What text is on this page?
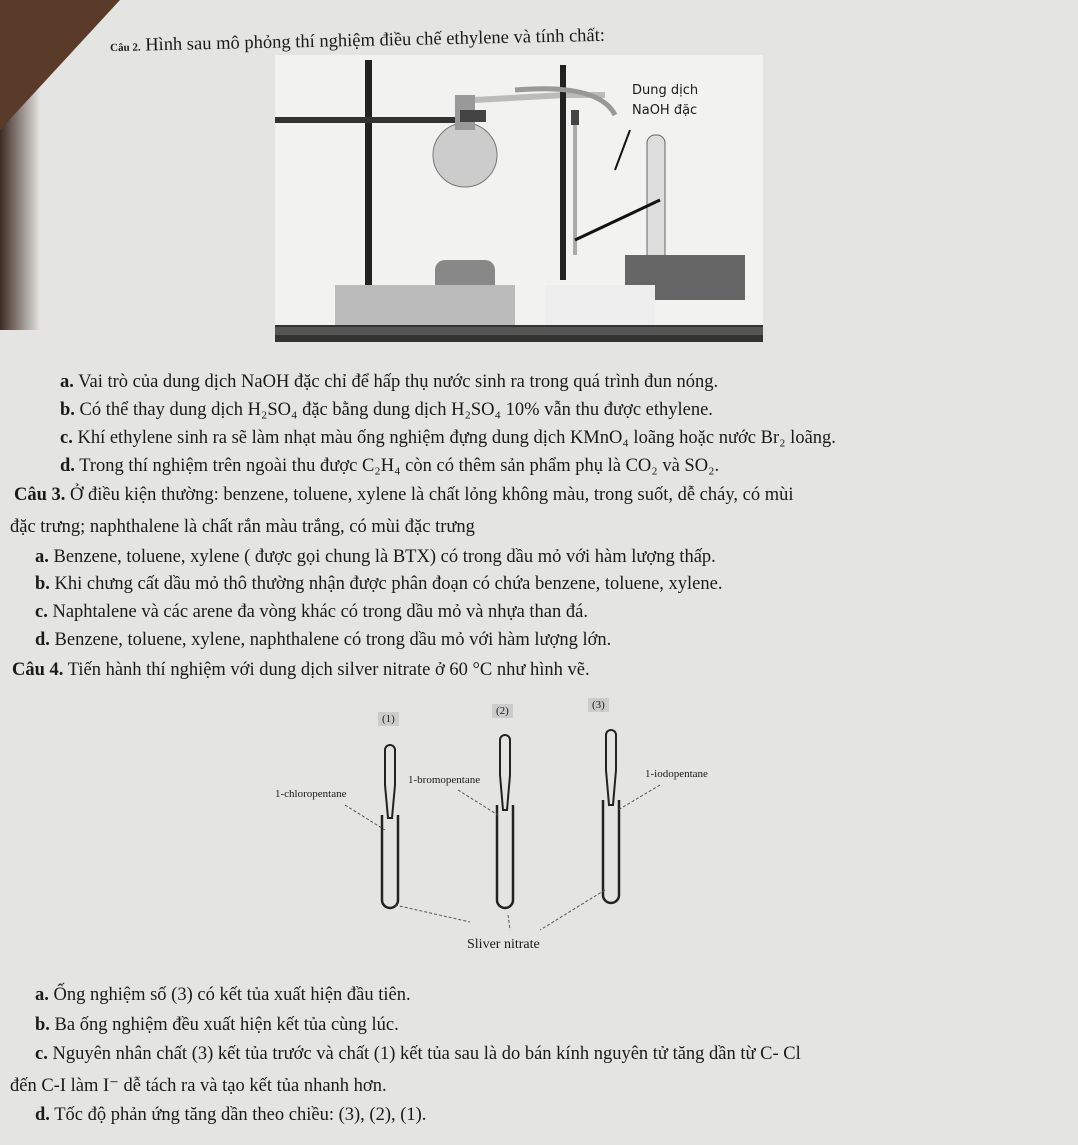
Câu 2. Hình sau mô phỏng thí nghiệm điều chế ethylene và tính chất:
Dung dịch
NaOH đặc
a. Vai trò của dung dịch NaOH đặc chỉ để hấp thụ nước sinh ra trong quá trình đun nóng.
b. Có thể thay dung dịch H₂SO₄ đặc bằng dung dịch H₂SO₄ 10% vẫn thu được ethylene.
c. Khí ethylene sinh ra sẽ làm nhạt màu ống nghiệm đựng dung dịch KMnO₄ loãng hoặc nước Br₂ loãng.
d. Trong thí nghiệm trên ngoài thu được C₂H₄ còn có thêm sản phẩm phụ là CO₂ và SO₂.
Câu 3. Ở điều kiện thường: benzene, toluene, xylene là chất lỏng không màu, trong suốt, dễ cháy, có mùi
đặc trưng; naphthalene là chất rắn màu trắng, có mùi đặc trưng
a. Benzene, toluene, xylene ( được gọi chung là BTX) có trong dầu mỏ với hàm lượng thấp.
b. Khi chưng cất dầu mỏ thô thường nhận được phân đoạn có chứa benzene, toluene, xylene.
c. Naphtalene và các arene đa vòng khác có trong dầu mỏ và nhựa than đá.
d. Benzene, toluene, xylene, naphthalene có trong dầu mỏ với hàm lượng lớn.
Câu 4. Tiến hành thí nghiệm với dung dịch silver nitrate ở 60 °C như hình vẽ.
(1)
(2)	(3)
1-chloropentane
1-bromopentane	1-iodopentane
Sliver nitrate
a. Ống nghiệm số (3) có kết tủa xuất hiện đầu tiên.
b. Ba ống nghiệm đều xuất hiện kết tủa cùng lúc.
c. Nguyên nhân chất (3) kết tủa trước và chất (1) kết tủa sau là do bán kính nguyên tử tăng dần từ C- Cl
đến C-I làm I⁻ dễ tách ra và tạo kết tủa nhanh hơn.
d. Tốc độ phản ứng tăng dần theo chiều: (3), (2), (1).
